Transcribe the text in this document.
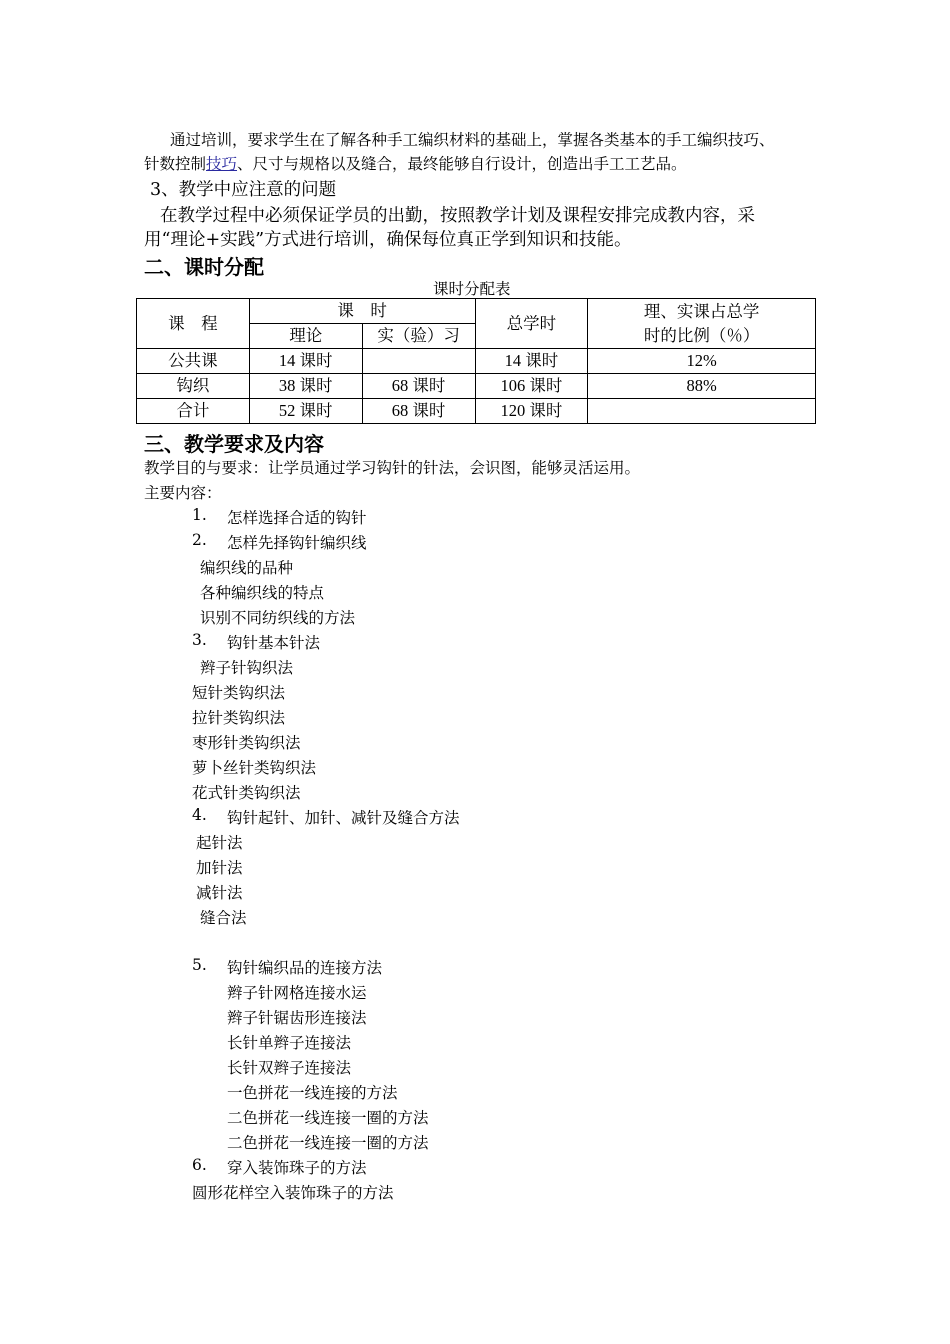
通过培训，要求学生在了解各种手工编织材料的基础上，掌握各类基本的手工编织技巧、
针数控制技巧、尺寸与规格以及缝合，最终能够自行设计，创造出手工工艺品。
3、教学中应注意的问题
在教学过程中必须保证学员的出勤，按照教学计划及课程安排完成教内容，采
用“理论+实践”方式进行培训，确保每位真正学到知识和技能。
二、课时分配
课时分配表
课　程	课　时		总学时	理、实课占总学
时的比例（％）

	理论	实（验）习		
公共课	14 课时		14 课时	12%
钩织	38 课时	68 课时	106 课时	88%
合计	52 课时	68 课时	120 课时	
三、教学要求及内容
教学目的与要求：让学员通过学习钩针的针法，会识图，能够灵活运用。
主要内容：
1. 怎样选择合适的钩针
2. 怎样先择钩针编织线
编织线的品种
各种编织线的特点
识别不同纺织线的方法
3. 钩针基本针法
辫子针钩织法
短针类钩织法
拉针类钩织法
枣形针类钩织法
萝卜丝针类钩织法
花式针类钩织法
4. 钩针起针、加针、减针及缝合方法
起针法
加针法
减针法
缝合法
5. 钩针编织品的连接方法
辫子针网格连接水运
辫子针锯齿形连接法
长针单辫子连接法
长针双辫子连接法
一色拼花一线连接的方法
二色拼花一线连接一圈的方法
二色拼花一线连接一圈的方法
6. 穿入装饰珠子的方法
圆形花样空入装饰珠子的方法
